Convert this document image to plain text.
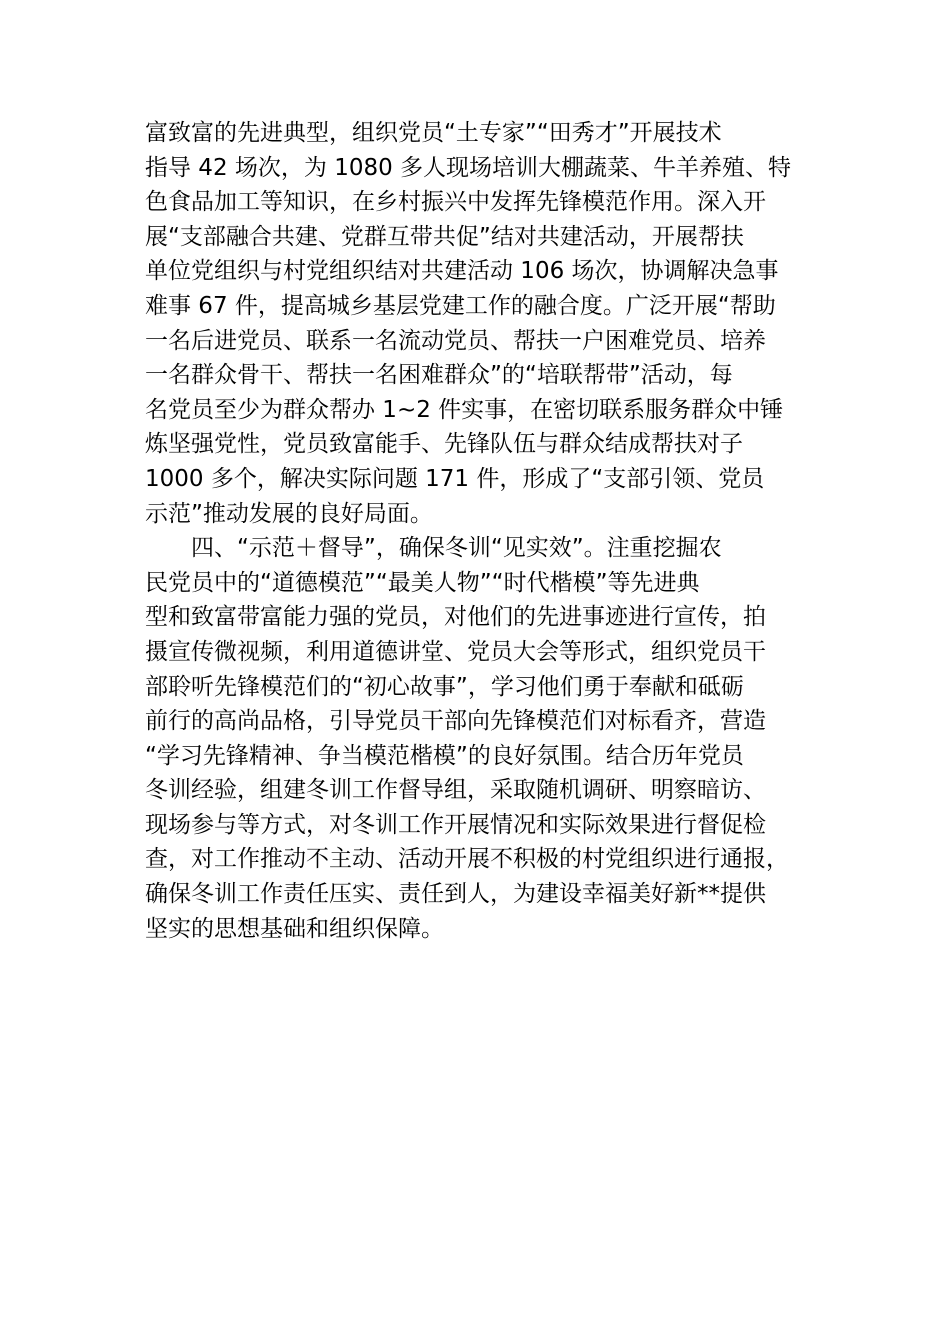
富致富的先进典型，组织党员“土专家”“田秀才”开展技术
指导 42 场次，为 1080 多人现场培训大棚蔬菜、牛羊养殖、特
色食品加工等知识，在乡村振兴中发挥先锋模范作用。深入开
展“支部融合共建、党群互带共促”结对共建活动，开展帮扶
单位党组织与村党组织结对共建活动 106 场次，协调解决急事
难事 67 件，提高城乡基层党建工作的融合度。广泛开展“帮助
一名后进党员、联系一名流动党员、帮扶一户困难党员、培养
一名群众骨干、帮扶一名困难群众”的“培联帮带”活动，每
名党员至少为群众帮办 1~2 件实事，在密切联系服务群众中锤
炼坚强党性，党员致富能手、先锋队伍与群众结成帮扶对子
1000 多个，解决实际问题 171 件，形成了“支部引领、党员
示范”推动发展的良好局面。
四、“示范＋督导”，确保冬训“见实效”。注重挖掘农
民党员中的“道德模范”“最美人物”“时代楷模”等先进典
型和致富带富能力强的党员，对他们的先进事迹进行宣传，拍
摄宣传微视频，利用道德讲堂、党员大会等形式，组织党员干
部聆听先锋模范们的“初心故事”，学习他们勇于奉献和砥砺
前行的高尚品格，引导党员干部向先锋模范们对标看齐，营造
“学习先锋精神、争当模范楷模”的良好氛围。结合历年党员
冬训经验，组建冬训工作督导组，采取随机调研、明察暗访、
现场参与等方式，对冬训工作开展情况和实际效果进行督促检
查，对工作推动不主动、活动开展不积极的村党组织进行通报，
确保冬训工作责任压实、责任到人，为建设幸福美好新**提供
坚实的思想基础和组织保障。
